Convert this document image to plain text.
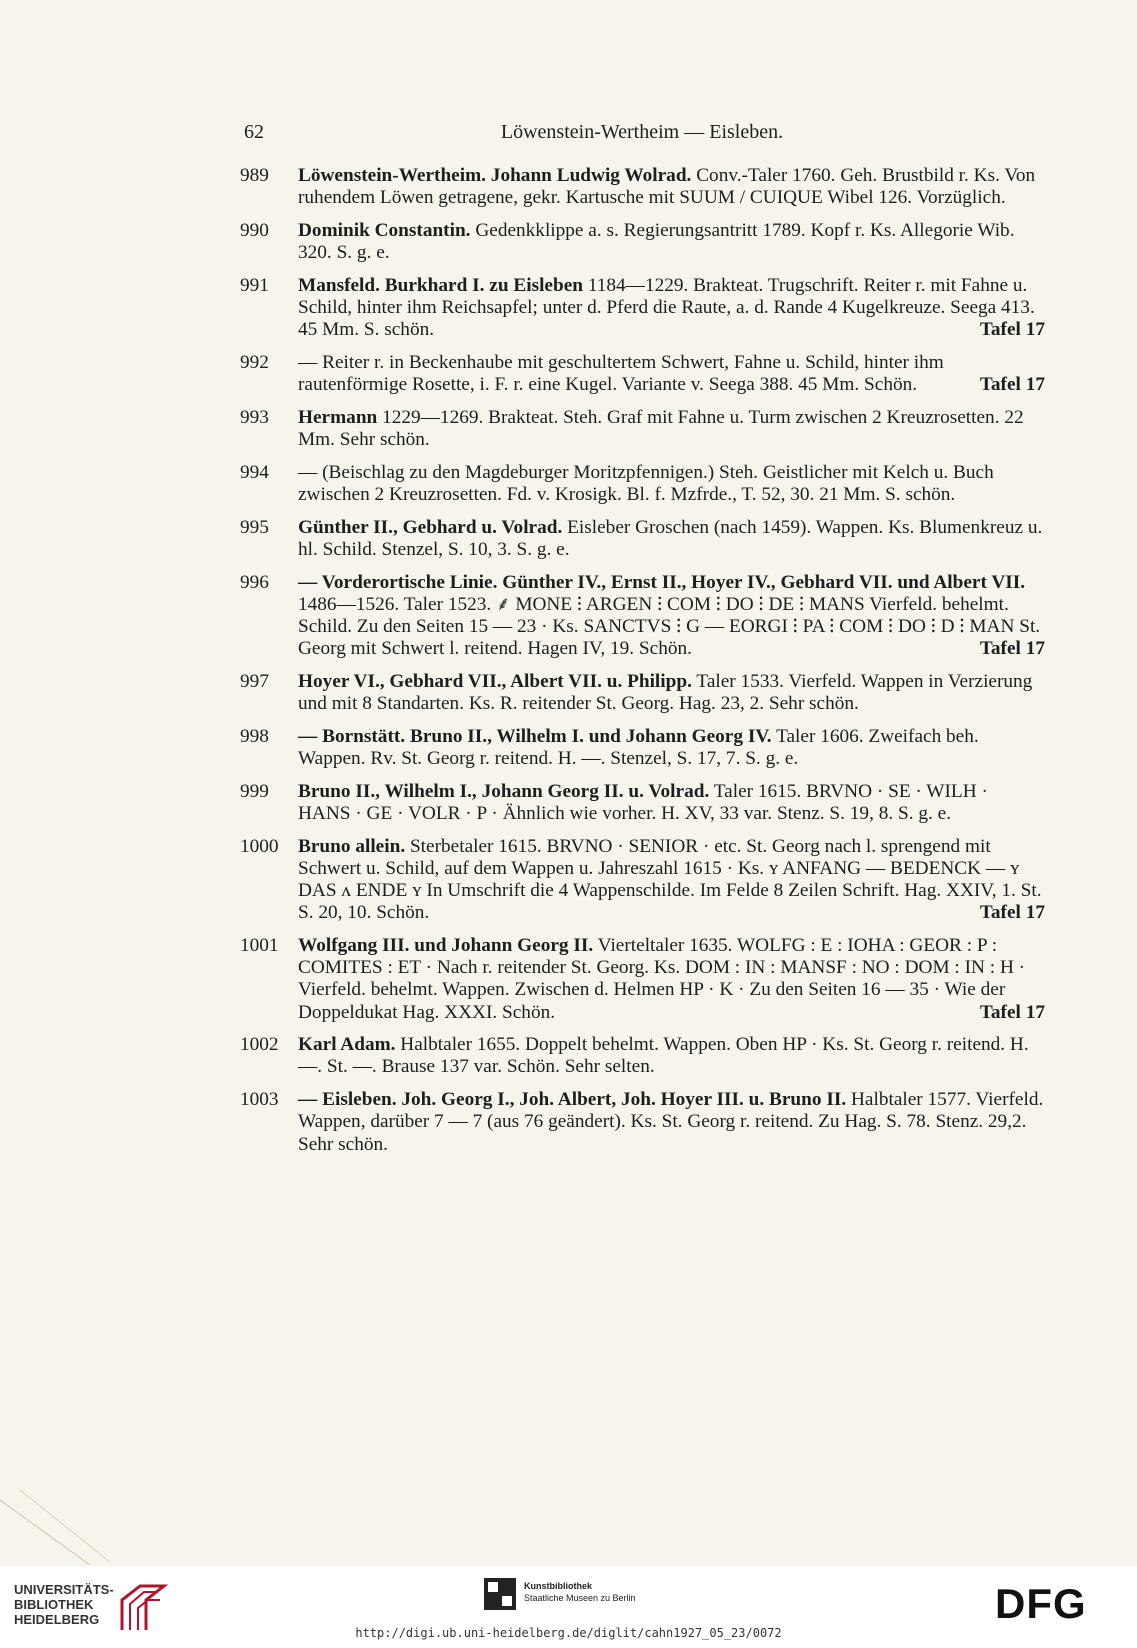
62	Löwenstein-Wertheim — Eisleben.
989 Löwenstein-Wertheim. Johann Ludwig Wolrad. Conv.-Taler 1760. Geh. Brustbild r. Ks. Von ruhendem Löwen getragene, gekr. Kartusche mit SUUM / CUIQUE Wibel 126. Vorzüglich.
990 Dominik Constantin. Gedenkklippe a. s. Regierungsantritt 1789. Kopf r. Ks. Allegorie Wib. 320. S. g. e.
991 Mansfeld. Burkhard I. zu Eisleben 1184—1229. Brakteat. Trugschrift. Reiter r. mit Fahne u. Schild, hinter ihm Reichsapfel; unter d. Pferd die Raute, a. d. Rande 4 Kugelkreuze. Seega 413. 45 Mm. S. schön.	Tafel 17
992 — Reiter r. in Beckenhaube mit geschultertem Schwert, Fahne u. Schild, hinter ihm rautenförmige Rosette, i. F. r. eine Kugel. Variante v. Seega 388. 45 Mm. Schön.	Tafel 17
993 Hermann 1229—1269. Brakteat. Steh. Graf mit Fahne u. Turm zwischen 2 Kreuzrosetten. 22 Mm. Sehr schön.
994 — (Beischlag zu den Magdeburger Moritzpfennigen.) Steh. Geistlicher mit Kelch u. Buch zwischen 2 Kreuzrosetten. Fd. v. Krosigk. Bl. f. Mzfrde., T. 52, 30. 21 Mm. S. schön.
995 Günther II., Gebhard u. Volrad. Eisleber Groschen (nach 1459). Wappen. Ks. Blumenkreuz u. hl. Schild. Stenzel, S. 10, 3. S. g. e.
996 — Vorderortische Linie. Günther IV., Ernst II., Hoyer IV., Gebhard VII. und Albert VII. 1486—1526. Taler 1523. ⸙ MONE ⁝ ARGEN ⁝ COM ⁝ DO ⁝ DE ⁝ MANS Vierfeld. behelmt. Schild. Zu den Seiten 15 — 23 · Ks. SANCTVS ⁝ G — EORGI ⁝ PA ⁝ COM ⁝ DO ⁝ D ⁝ MAN St. Georg mit Schwert l. reitend. Hagen IV, 19. Schön.	Tafel 17
997 Hoyer VI., Gebhard VII., Albert VII. u. Philipp. Taler 1533. Vierfeld. Wappen in Verzierung und mit 8 Standarten. Ks. R. reitender St. Georg. Hag. 23, 2. Sehr schön.
998 — Bornstätt. Bruno II., Wilhelm I. und Johann Georg IV. Taler 1606. Zweifach beh. Wappen. Rv. St. Georg r. reitend. H. —. Stenzel, S. 17, 7. S. g. e.
999 Bruno II., Wilhelm I., Johann Georg II. u. Volrad. Taler 1615. BRVNO · SE · WILH · HANS · GE · VOLR · P · Ähnlich wie vorher. H. XV, 33 var. Stenz. S. 19, 8. S. g. e.
1000 Bruno allein. Sterbetaler 1615. BRVNO · SENIOR · etc. St. Georg nach l. sprengend mit Schwert u. Schild, auf dem Wappen u. Jahreszahl 1615 · Ks. ʏ ANFANG — BEDENCK — ʏ DAS ʌ ENDE ʏ In Umschrift die 4 Wappenschilde. Im Felde 8 Zeilen Schrift. Hag. XXIV, 1. St. S. 20, 10. Schön.	Tafel 17
1001 Wolfgang III. und Johann Georg II. Vierteltaler 1635. WOLFG : E : IOHA : GEOR : P : COMITES : ET · Nach r. reitender St. Georg. Ks. DOM : IN : MANSF : NO : DOM : IN : H · Vierfeld. behelmt. Wappen. Zwischen d. Helmen HP · K · Zu den Seiten 16 — 35 · Wie der Doppeldukat Hag. XXXI. Schön.	Tafel 17
1002 Karl Adam. Halbtaler 1655. Doppelt behelmt. Wappen. Oben HP · Ks. St. Georg r. reitend. H. —. St. —. Brause 137 var. Schön. Sehr selten.
1003 — Eisleben. Joh. Georg I., Joh. Albert, Joh. Hoyer III. u. Bruno II. Halbtaler 1577. Vierfeld. Wappen, darüber 7 — 7 (aus 76 geändert). Ks. St. Georg r. reitend. Zu Hag. S. 78. Stenz. 29,2. Sehr schön.
UNIVERSITÄTS-
BIBLIOTHEK
HEIDELBERG
Kunstbibliothek
Staatliche Museen zu Berlin	DFG
http://digi.ub.uni-heidelberg.de/diglit/cahn1927_05_23/0072
